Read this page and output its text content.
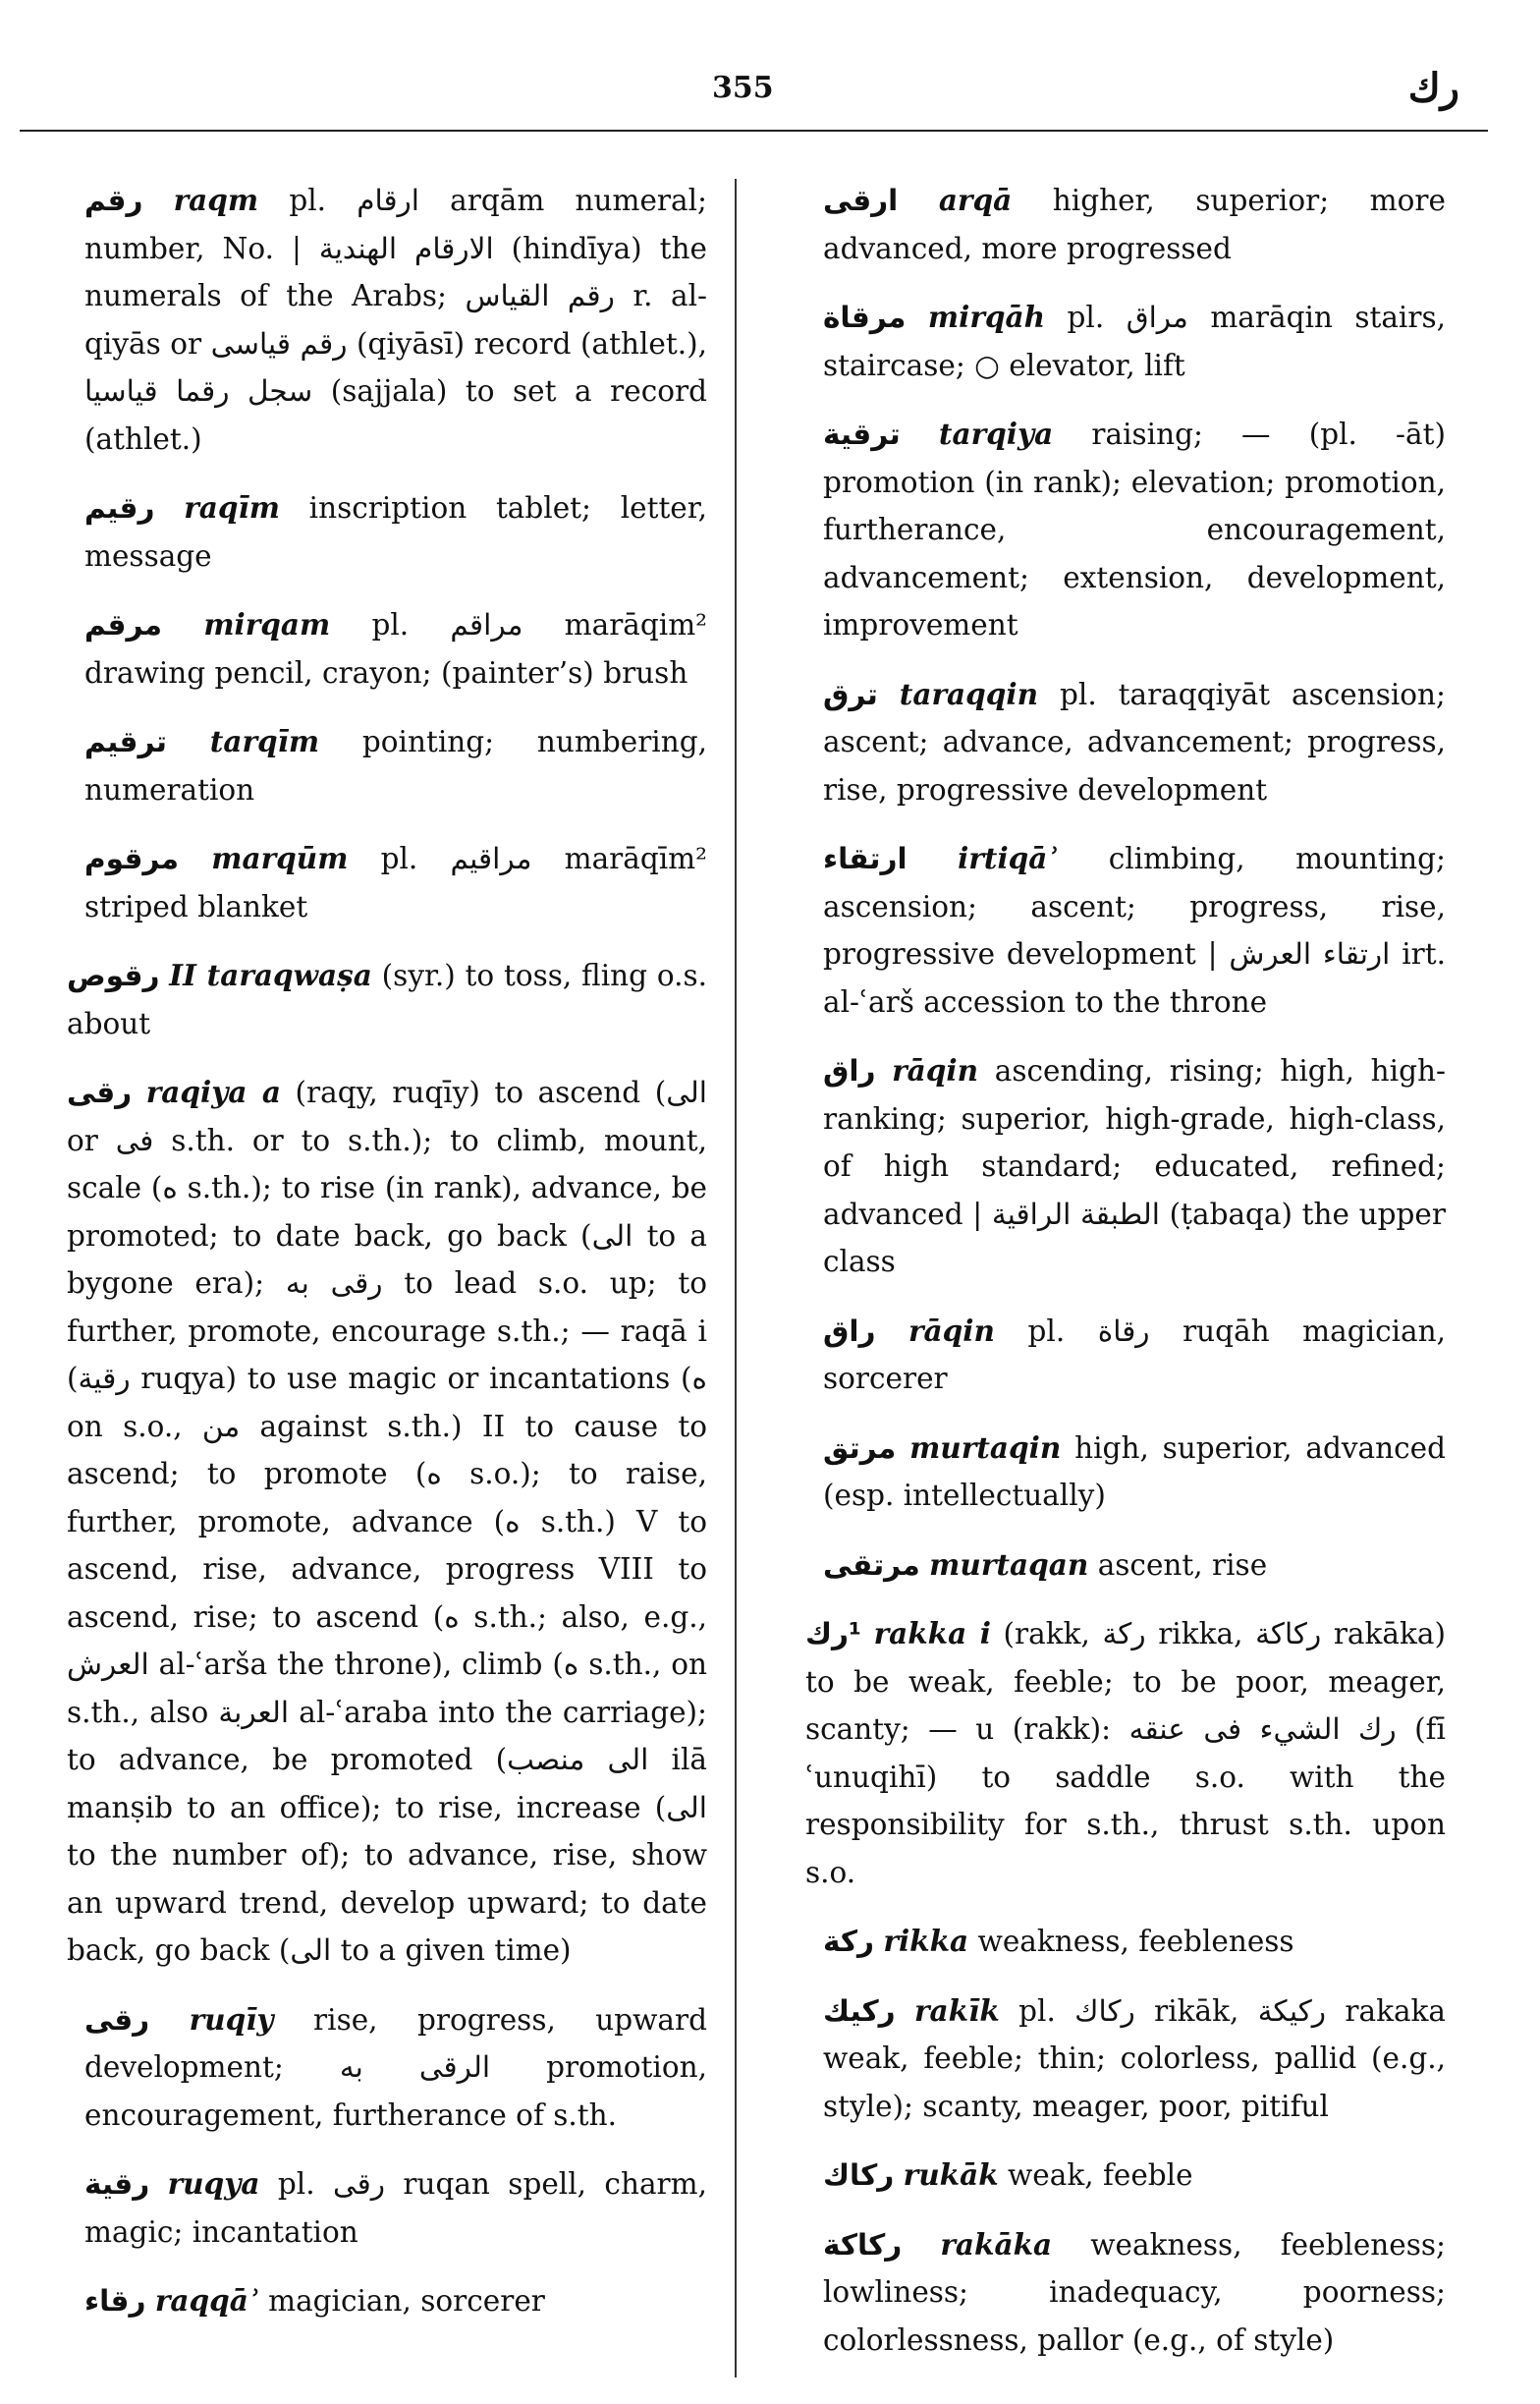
355	رك

رقم raqm pl. ارقام arqām numeral; number, No. | الارقام الهندية (hindīya) the numerals of the Arabs; رقم القياس r. al-qiyās or رقم قياسى (qiyāsī) record (athlet.), سجل رقما قياسيا (sajjala) to set a record (athlet.)

رقيم raqīm inscription tablet; letter, message

مرقم mirqam pl. مراقم marāqim² drawing pencil, crayon; (painter’s) brush

ترقيم tarqīm pointing; numbering, numeration

مرقوم marqūm pl. مراقيم marāqīm² striped blanket

رقوص II taraqwaṣa (syr.) to toss, fling o.s. about

رقى raqiya a (raqy, ruqīy) to ascend (الى or فى s.th. or to s.th.); to climb, mount, scale (ه s.th.); to rise (in rank), advance, be promoted; to date back, go back (الى to a bygone era); رقى به to lead s.o. up; to further, promote, encourage s.th.; — raqā i (رقية ruqya) to use magic or incantations (ه on s.o., من against s.th.) II to cause to ascend; to promote (ه s.o.); to raise, further, promote, advance (ه s.th.) V to ascend, rise, advance, progress VIII to ascend, rise; to ascend (ه s.th.; also, e.g., العرش al-ʿarša the throne), climb (ه s.th., on s.th., also العربة al-ʿaraba into the carriage); to advance, be promoted (الى منصب ilā manṣib to an office); to rise, increase (الى to the number of); to advance, rise, show an upward trend, develop upward; to date back, go back (الى to a given time)

رقى ruqīy rise, progress, upward development; الرقى به promotion, encouragement, furtherance of s.th.

رقية ruqya pl. رقى ruqan spell, charm, magic; incantation

رقاء raqqāʾ magician, sorcerer

ارقى arqā higher, superior; more advanced, more progressed

مرقاة mirqāh pl. مراق marāqin stairs, staircase; ○ elevator, lift

ترقية tarqiya raising; — (pl. -āt) promotion (in rank); elevation; promotion, furtherance, encouragement, advancement; extension, development, improvement

ترق taraqqin pl. taraqqiyāt ascension; ascent; advance, advancement; progress, rise, progressive development

ارتقاء irtiqāʾ climbing, mounting; ascension; ascent; progress, rise, progressive development | ارتقاء العرش irt. al-ʿarš accession to the throne

راق rāqin ascending, rising; high, high-ranking; superior, high-grade, high-class, of high standard; educated, refined; advanced | الطبقة الراقية (ṭabaqa) the upper class

راق rāqin pl. رقاة ruqāh magician, sorcerer

مرتق murtaqin high, superior, advanced (esp. intellectually)

مرتقى murtaqan ascent, rise

¹رك rakka i (rakk, ركة rikka, ركاكة rakāka) to be weak, feeble; to be poor, meager, scanty; — u (rakk): رك الشيء فى عنقه (fī ʿunuqihī) to saddle s.o. with the responsibility for s.th., thrust s.th. upon s.o.

ركة rikka weakness, feebleness

ركيك rakīk pl. ركاك rikāk, ركيكة rakaka weak, feeble; thin; colorless, pallid (e.g., style); scanty, meager, poor, pitiful

ركاك rukāk weak, feeble

ركاكة rakāka weakness, feebleness; lowliness; inadequacy, poorness; colorlessness, pallor (e.g., of style)
